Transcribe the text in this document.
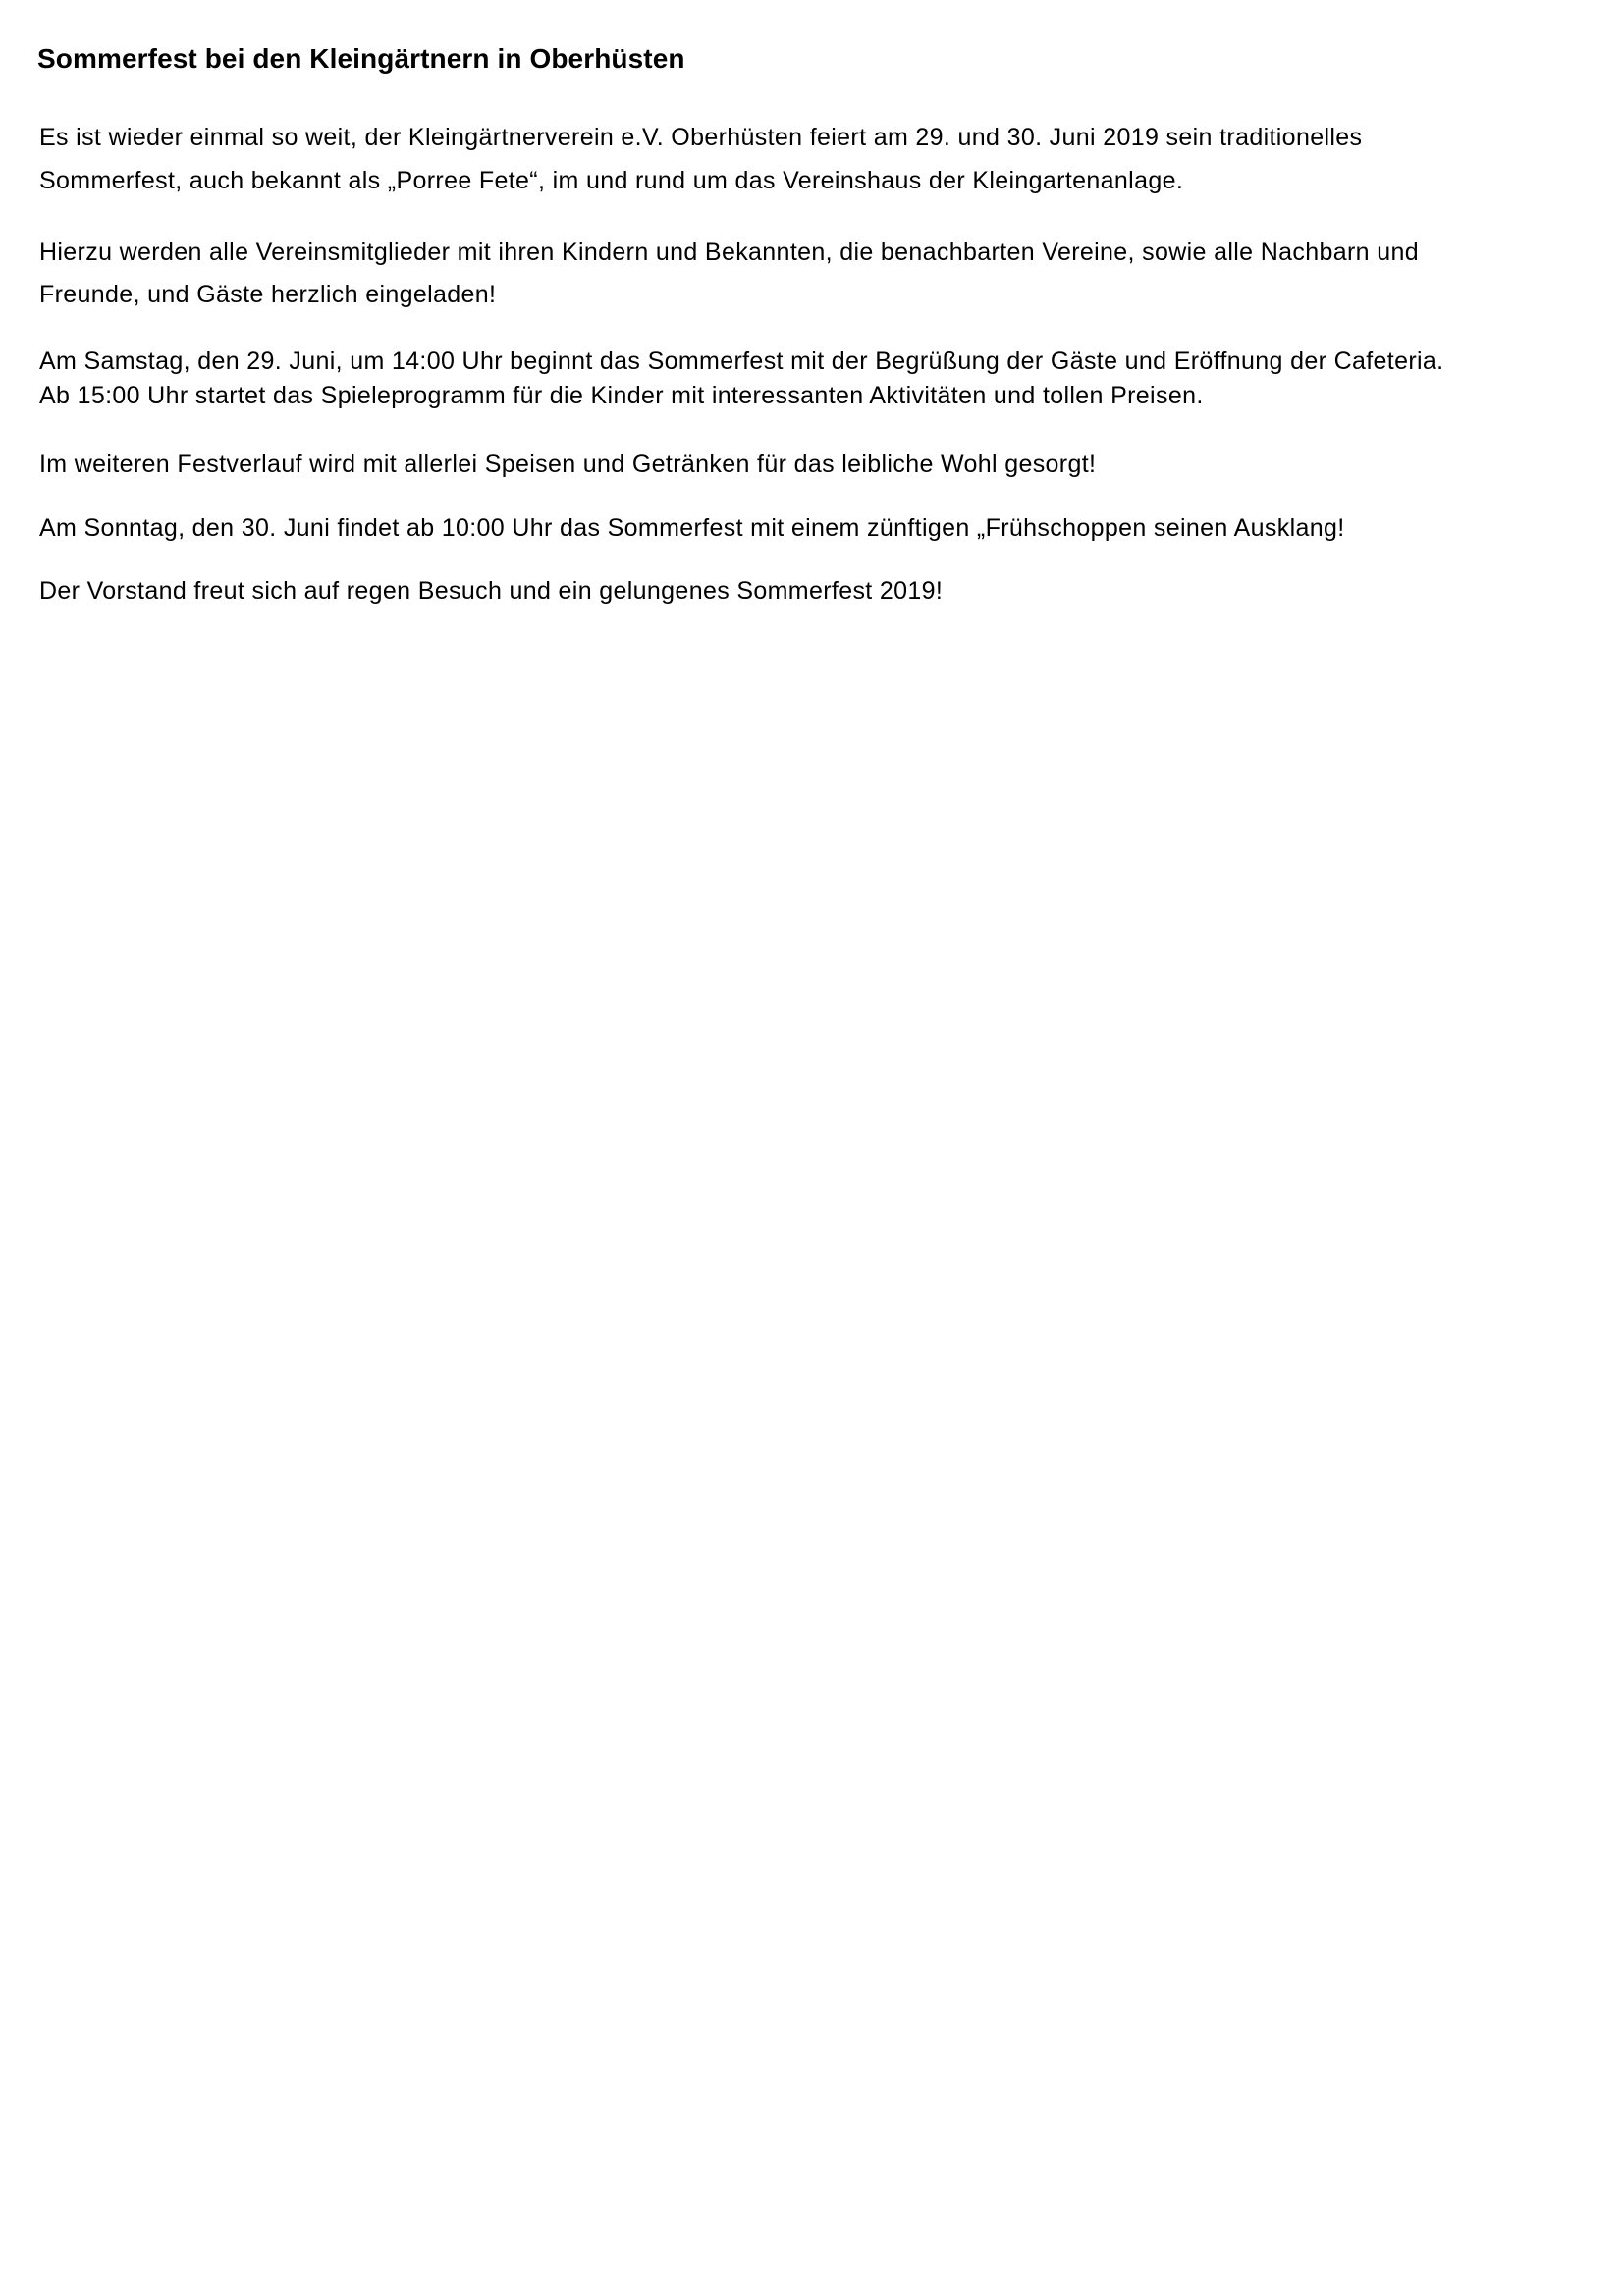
Sommerfest bei den Kleingärtnern in Oberhüsten

Es ist wieder einmal so weit, der Kleingärtnerverein e.V. Oberhüsten feiert am 29. und 30. Juni 2019 sein traditionelles

Sommerfest, auch bekannt als „Porree Fete“, im und rund um das Vereinshaus der Kleingartenanlage.

Hierzu werden alle Vereinsmitglieder mit ihren Kindern und Bekannten, die benachbarten Vereine, sowie alle Nachbarn und

Freunde, und Gäste herzlich eingeladen!

Am Samstag, den 29. Juni, um 14:00 Uhr beginnt das Sommerfest mit der Begrüßung der Gäste und Eröffnung der Cafeteria.

Ab 15:00 Uhr startet das Spieleprogramm für die Kinder mit interessanten Aktivitäten und tollen Preisen.

Im weiteren Festverlauf wird mit allerlei Speisen und Getränken für das leibliche Wohl gesorgt!

Am Sonntag, den 30. Juni findet ab 10:00 Uhr das Sommerfest mit einem zünftigen „Frühschoppen seinen Ausklang!

Der Vorstand freut sich auf regen Besuch und ein gelungenes Sommerfest 2019!
